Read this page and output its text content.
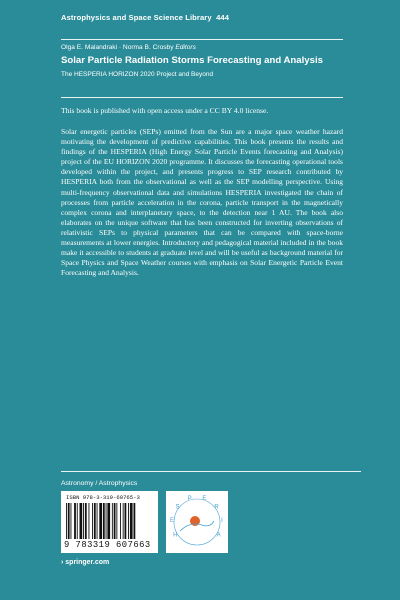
Astrophysics and Space Science Library 444
Olga E. Malandraki · Norma B. Crosby Editors
Solar Particle Radiation Storms Forecasting and Analysis
The HESPERIA HORIZON 2020 Project and Beyond
This book is published with open access under a CC BY 4.0 license.
Solar energetic particles (SEPs) emitted from the Sun are a major space weather hazard motivating the development of predictive capabilities. This book presents the results and findings of the HESPERIA (High Energy Solar Particle Events forecasting and Analysis) project of the EU HORIZON 2020 programme. It discusses the forecasting operational tools developed within the project, and presents progress to SEP research contributed by HESPERIA both from the observational as well as the SEP modelling perspective. Using multi-frequency observational data and simulations HESPERIA investigated the chain of processes from particle acceleration in the corona, particle transport in the magnetically complex corona and interplanetary space, to the detection near 1 AU. The book also elaborates on the unique software that has been constructed for inverting observations of relativistic SEPs to physical parameters that can be compared with space-borne measurements at lower energies. Introductory and pedagogical material included in the book make it accessible to students at graduate level and will be useful as background material for Space Physics and Space Weather courses with emphasis on Solar Energetic Particle Event Forecasting and Analysis.
Astronomy / Astrophysics
ISBN 978-3-319-60765-3
9 783319 607663
H
E
S
P E
R
I
A
› springer.com
